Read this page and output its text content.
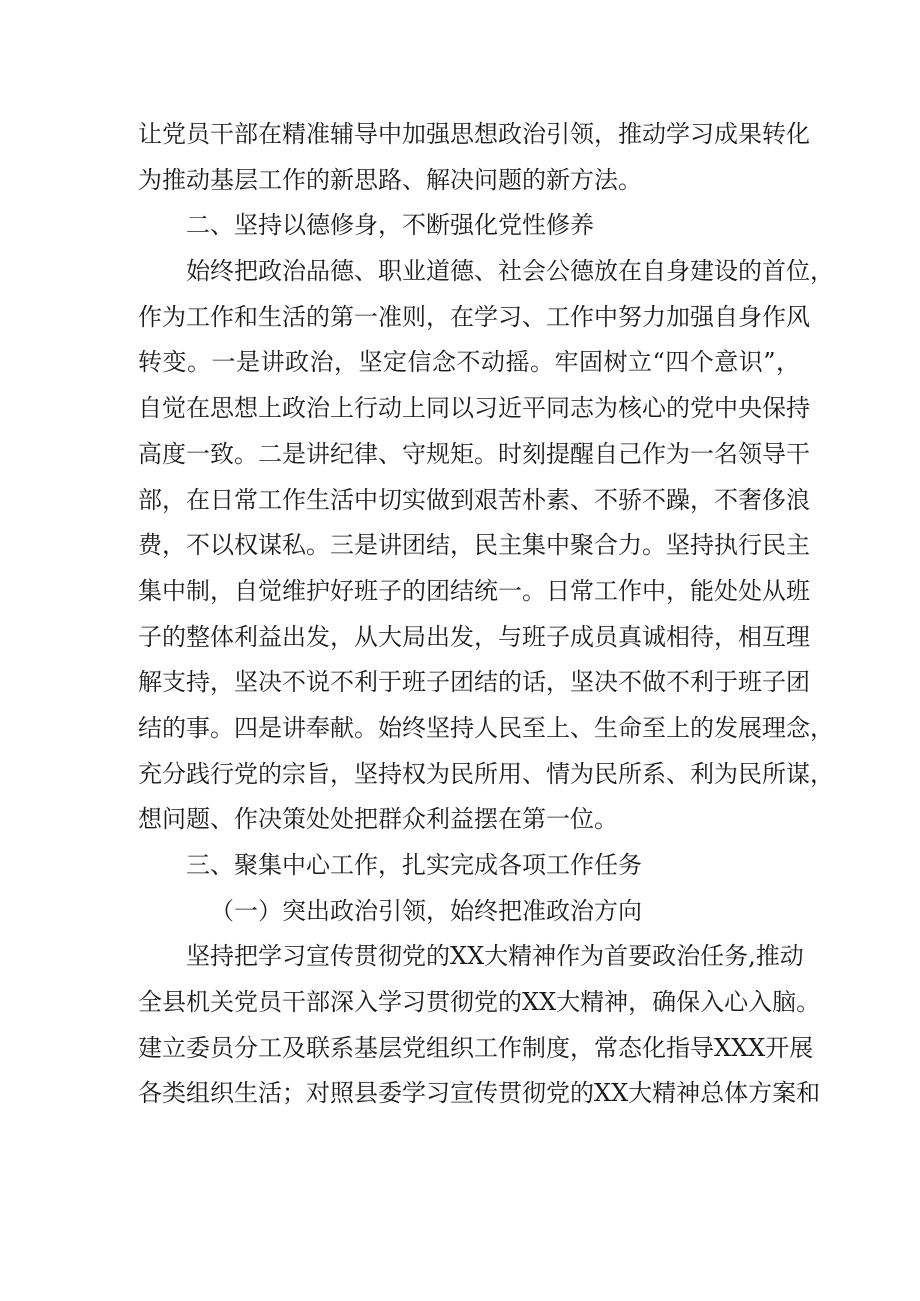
让党员干部在精准辅导中加强思想政治引领，推动学习成果转化
为推动基层工作的新思路、解决问题的新方法。
二、坚持以德修身，不断强化党性修养
始终把政治品德、职业道德、社会公德放在自身建设的首位，
作为工作和生活的第一准则，在学习、工作中努力加强自身作风
转变。一是讲政治，坚定信念不动摇。牢固树立“四个意识”，
自觉在思想上政治上行动上同以习近平同志为核心的党中央保持
高度一致。二是讲纪律、守规矩。时刻提醒自己作为一名领导干
部，在日常工作生活中切实做到艰苦朴素、不骄不躁，不奢侈浪
费，不以权谋私。三是讲团结，民主集中聚合力。坚持执行民主
集中制，自觉维护好班子的团结统一。日常工作中，能处处从班
子的整体利益出发，从大局出发，与班子成员真诚相待，相互理
解支持，坚决不说不利于班子团结的话，坚决不做不利于班子团
结的事。四是讲奉献。始终坚持人民至上、生命至上的发展理念，
充分践行党的宗旨，坚持权为民所用、情为民所系、利为民所谋，
想问题、作决策处处把群众利益摆在第一位。
三、聚集中心工作，扎实完成各项工作任务
（一）突出政治引领，始终把准政治方向
坚持把学习宣传贯彻党的XX大精神作为首要政治任务,推动
全县机关党员干部深入学习贯彻党的XX大精神，确保入心入脑。
建立委员分工及联系基层党组织工作制度，常态化指导XXX开展
各类组织生活；对照县委学习宣传贯彻党的XX大精神总体方案和
